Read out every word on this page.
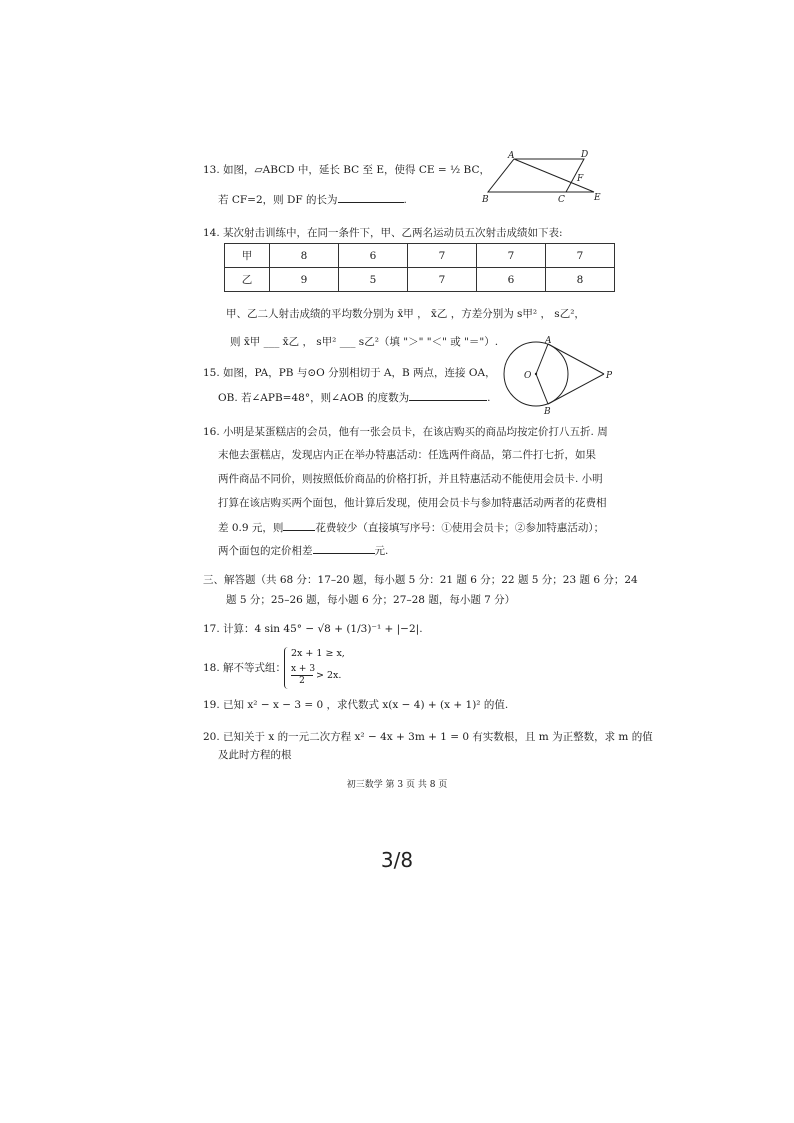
13. 如图，▱ABCD 中，延长 BC 至 E，使得 CE = ½ BC，
若 CF=2，则 DF 的长为	.
A	D
F
B	C	E
14. 某次射击训练中，在同一条件下，甲、乙两名运动员五次射击成绩如下表:
甲	8	6	7	7	7
乙	9	5	7	6	8
甲、乙二人射击成绩的平均数分别为 x̄甲 ， x̄乙 ，方差分别为 s甲² ， s乙²，
则 x̄甲 ___ x̄乙 ， s甲² ___ s乙²（填 "＞" "＜" 或 "＝"）.
15. 如图，PA，PB 与⊙O 分别相切于 A，B 两点，连接 OA，
OB. 若∠APB=48°，则∠AOB 的度数为	.
A
O	P
B
16. 小明是某蛋糕店的会员，他有一张会员卡，在该店购买的商品均按定价打八五折. 周
末他去蛋糕店，发现店内正在举办特惠活动：任选两件商品，第二件打七折，如果
两件商品不同价，则按照低价商品的价格打折，并且特惠活动不能使用会员卡. 小明
打算在该店购买两个面包，他计算后发现，使用会员卡与参加特惠活动两者的花费相
差 0.9 元，则	花费较少（直接填写序号：①使用会员卡；②参加特惠活动）；
两个面包的定价相差	元.
三、解答题（共 68 分：17–20 题，每小题 5 分：21 题 6 分；22 题 5 分；23 题 6 分；24
题 5 分；25–26 题，每小题 6 分；27–28 题，每小题 7 分）
17. 计算：4 sin 45° − √8 + (1/3)⁻¹ + |−2|.
18. 解不等式组：
2x + 1 ≥ x,
$\frac{x + 3}{2} > 2x$.
19. 已知 x² − x − 3 = 0 ，求代数式 x(x − 4) + (x + 1)² 的值.
20. 已知关于 x 的一元二次方程 x² − 4x + 3m + 1 = 0 有实数根，且 m 为正整数，求 m 的值
及此时方程的根
初三数学 第 3 页 共 8 页
3/8
